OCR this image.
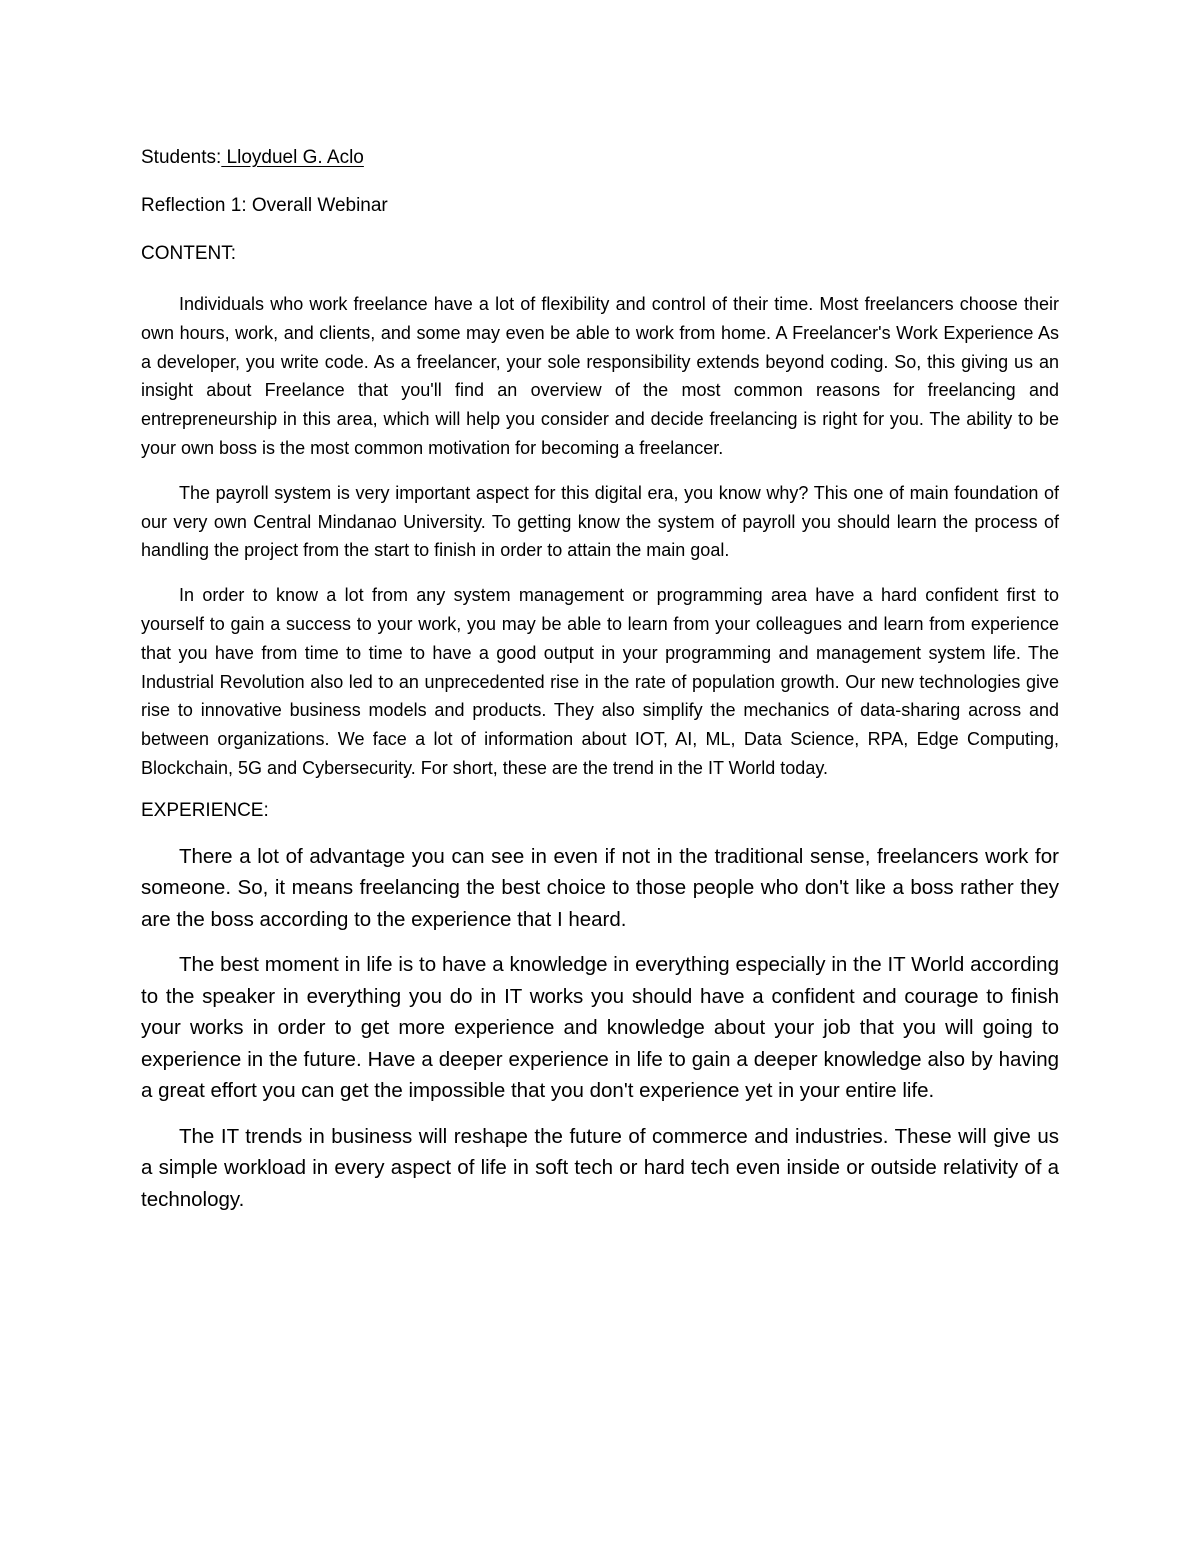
Students: Lloyduel G. Aclo
Reflection 1: Overall Webinar
CONTENT:

Individuals who work freelance have a lot of flexibility and control of their time. Most freelancers choose their own hours, work, and clients, and some may even be able to work from home. A Freelancer's Work Experience As a developer, you write code. As a freelancer, your sole responsibility extends beyond coding. So, this giving us an insight about Freelance that you'll find an overview of the most common reasons for freelancing and entrepreneurship in this area, which will help you consider and decide freelancing is right for you. The ability to be your own boss is the most common motivation for becoming a freelancer.

The payroll system is very important aspect for this digital era, you know why? This one of main foundation of our very own Central Mindanao University. To getting know the system of payroll you should learn the process of handling the project from the start to finish in order to attain the main goal.

In order to know a lot from any system management or programming area have a hard confident first to yourself to gain a success to your work, you may be able to learn from your colleagues and learn from experience that you have from time to time to have a good output in your programming and management system life. The Industrial Revolution also led to an unprecedented rise in the rate of population growth. Our new technologies give rise to innovative business models and products. They also simplify the mechanics of data-sharing across and between organizations. We face a lot of information about IOT, AI, ML, Data Science, RPA, Edge Computing, Blockchain, 5G and Cybersecurity. For short, these are the trend in the IT World today.

EXPERIENCE:

There a lot of advantage you can see in even if not in the traditional sense, freelancers work for someone. So, it means freelancing the best choice to those people who don't like a boss rather they are the boss according to the experience that I heard.

The best moment in life is to have a knowledge in everything especially in the IT World according to the speaker in everything you do in IT works you should have a confident and courage to finish your works in order to get more experience and knowledge about your job that you will going to experience in the future. Have a deeper experience in life to gain a deeper knowledge also by having a great effort you can get the impossible that you don't experience yet in your entire life.

The IT trends in business will reshape the future of commerce and industries. These will give us a simple workload in every aspect of life in soft tech or hard tech even inside or outside relativity of a technology.
